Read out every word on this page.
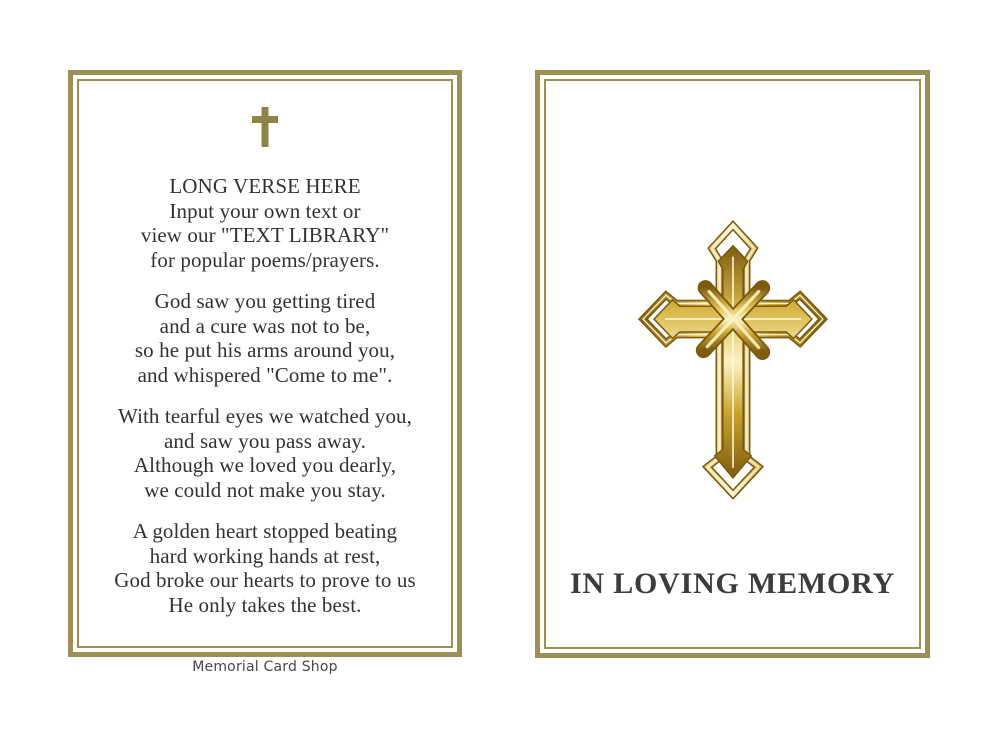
LONG VERSE HERE
Input your own text or
view our "TEXT LIBRARY"
for popular poems/prayers.
God saw you getting tired
and a cure was not to be,
so he put his arms around you,
and whispered "Come to me".
With tearful eyes we watched you,
and saw you pass away.
Although we loved you dearly,
we could not make you stay.
A golden heart stopped beating
hard working hands at rest,
God broke our hearts to prove to us
He only takes the best.
IN LOVING MEMORY
Memorial Card Shop
